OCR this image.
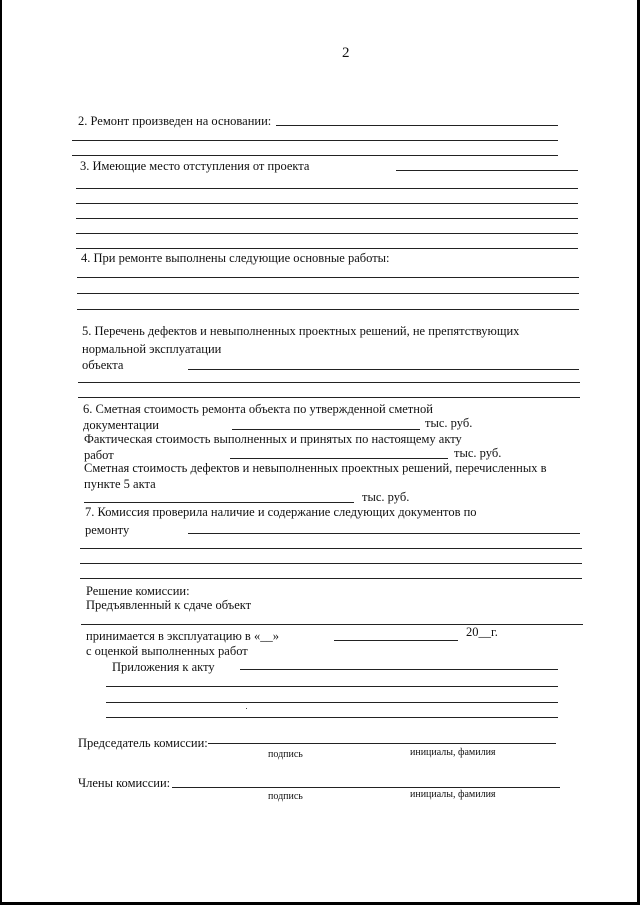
2
2. Ремонт произведен на основании:
3. Имеющие место отступления от проекта
4. При ремонте выполнены следующие основные работы:
5. Перечень дефектов и невыполненных проектных решений, не препятствующих
нормальной эксплуатации
объекта
6. Сметная стоимость ремонта объекта по утвержденной сметной
документации	тыс. руб.
Фактическая стоимость выполненных и принятых по настоящему акту
работ	тыс. руб.
Сметная стоимость дефектов и невыполненных проектных решений, перечисленных в
пункте 5 акта
тыс. руб.
7. Комиссия проверила наличие и содержание следующих документов по
ремонту
Решение комиссии:
Предъявленный к сдаче объект
принимается в эксплуатацию в «__»	20__г.
с оценкой выполненных работ
Приложения к акту
Председатель комиссии:
подпись	инициалы, фамилия
Члены комиссии:
подпись	инициалы, фамилия
